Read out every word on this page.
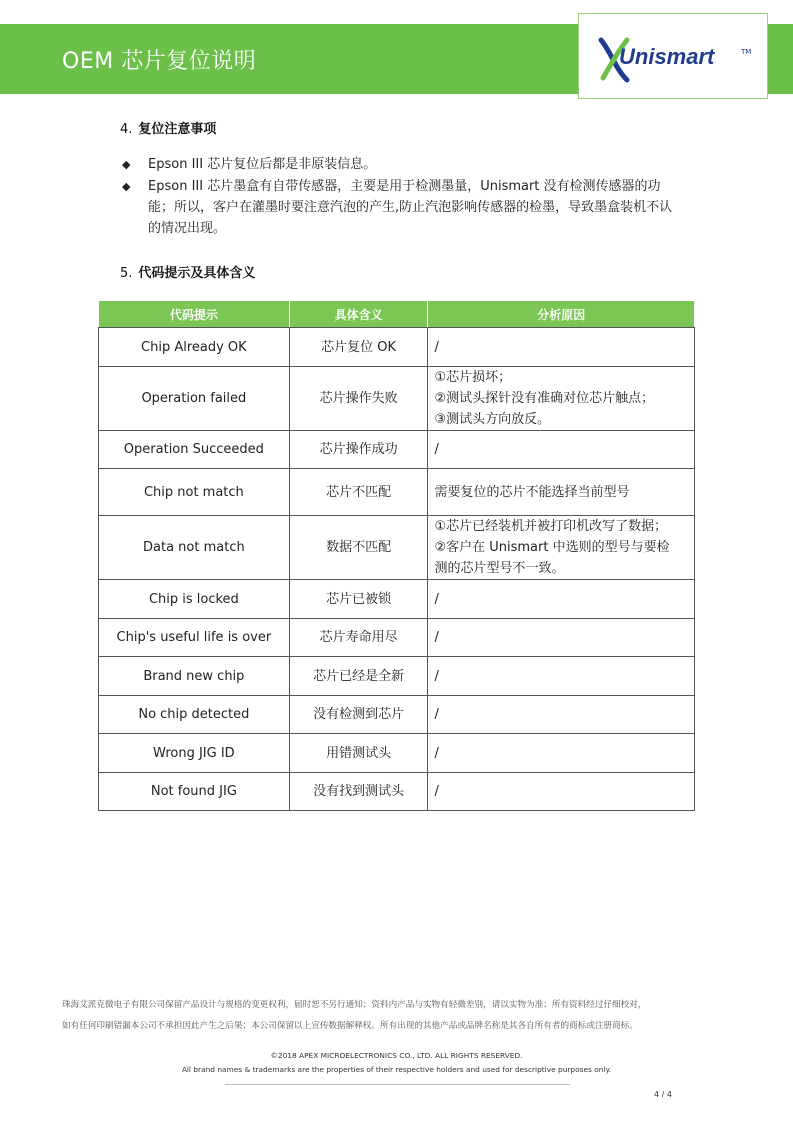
OEM 芯片复位说明	Unismart	TM
4. 复位注意事项
◆ Epson III 芯片复位后都是非原装信息。
◆ Epson III 芯片墨盒有自带传感器，主要是用于检测墨量，Unismart 没有检测传感器的功能；所以，客户在灌墨时要注意汽泡的产生,防止汽泡影响传感器的检墨，导致墨盒装机不认的情况出现。
5. 代码提示及具体含义
代码提示	具体含义	分析原因
Chip Already OK	芯片复位 OK	/

Operation failed	芯片操作失败	①芯片损坏；
②测试头探针没有准确对位芯片触点；
③测试头方向放反。

Operation Succeeded	芯片操作成功	/

Chip not match	芯片不匹配	需要复位的芯片不能选择当前型号

Data not match	数据不匹配	①芯片已经装机并被打印机改写了数据；
②客户在 Unismart 中选则的型号与要检
测的芯片型号不一致。

Chip is locked	芯片已被锁	/

Chip's useful life is over	芯片寿命用尽	/

Brand new chip	芯片已经是全新	/

No chip detected	没有检测到芯片	/

Wrong JIG ID	用错测试头	/

Not found JIG	没有找到测试头	/
珠海艾派克微电子有限公司保留产品设计与规格的变更权利，届时恕不另行通知；资料内产品与实物有轻微差别，请以实物为准；所有资料经过仔细校对，
如有任何印刷错漏本公司不承担因此产生之后果；本公司保留以上宣传数据解释权。所有出现的其他产品或品牌名称是其各自所有者的商标或注册商标。
©2018 APEX MICROELECTRONICS CO., LTD. ALL RIGHTS RESERVED.
All brand names & trademarks are the properties of their respective holders and used for descriptive purposes only.
4 / 4
